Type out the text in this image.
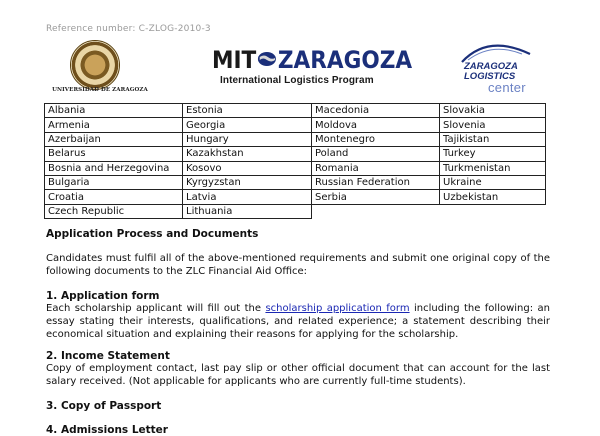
Reference number: C-ZLOG-2010-3
UNIVERSIDAD DE ZARAGOZA
MIT ZARAGOZA
International Logistics Program
ZARAGOZA
LOGISTICS
center
Albania	Estonia	Macedonia	Slovakia
Armenia	Georgia	Moldova	Slovenia
Azerbaijan	Hungary	Montenegro	Tajikistan
Belarus	Kazakhstan	Poland	Turkey
Bosnia and Herzegovina	Kosovo	Romania	Turkmenistan
Bulgaria	Kyrgyzstan	Russian Federation	Ukraine
Croatia	Latvia	Serbia	Uzbekistan
Czech Republic	Lithuania		
Application Process and Documents
Candidates must fulfil all of the above-mentioned requirements and submit one original copy of the following documents to the ZLC Financial Aid Office:
1. Application form
Each scholarship applicant will fill out the scholarship application form including the following: an essay stating their interests, qualifications, and related experience; a statement describing their economical situation and explaining their reasons for applying for the scholarship.
2. Income Statement
Copy of employment contact, last pay slip or other official document that can account for the last salary received. (Not applicable for applicants who are currently full-time students).
3. Copy of Passport
4. Admissions Letter
